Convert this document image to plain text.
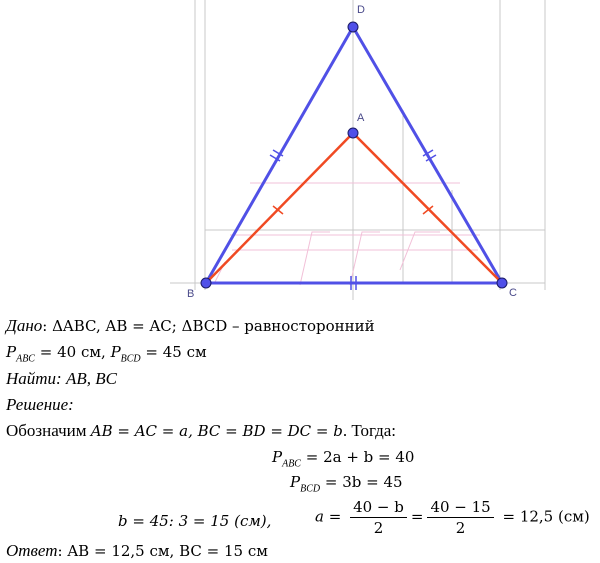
D
A
B	C
Дано: ΔABC, AB = AC; ΔBCD – равносторонний
$P_{ABC} = 40$ см, $P_{BCD} = 45$ см
Найти: AB, BC
Решение:
Обозначим AB = AC = a, BC = BD = DC = b. Тогда:
$P_{ABC} = 2a + b = 40$
$P_{BCD} = 3b = 45$
b = 45: 3 = 15 (см),	$a = \frac{40 - b}{2} = \frac{40 - 15}{2} = 12,5$ (см)
Ответ: AB = 12,5 см, BC = 15 см
